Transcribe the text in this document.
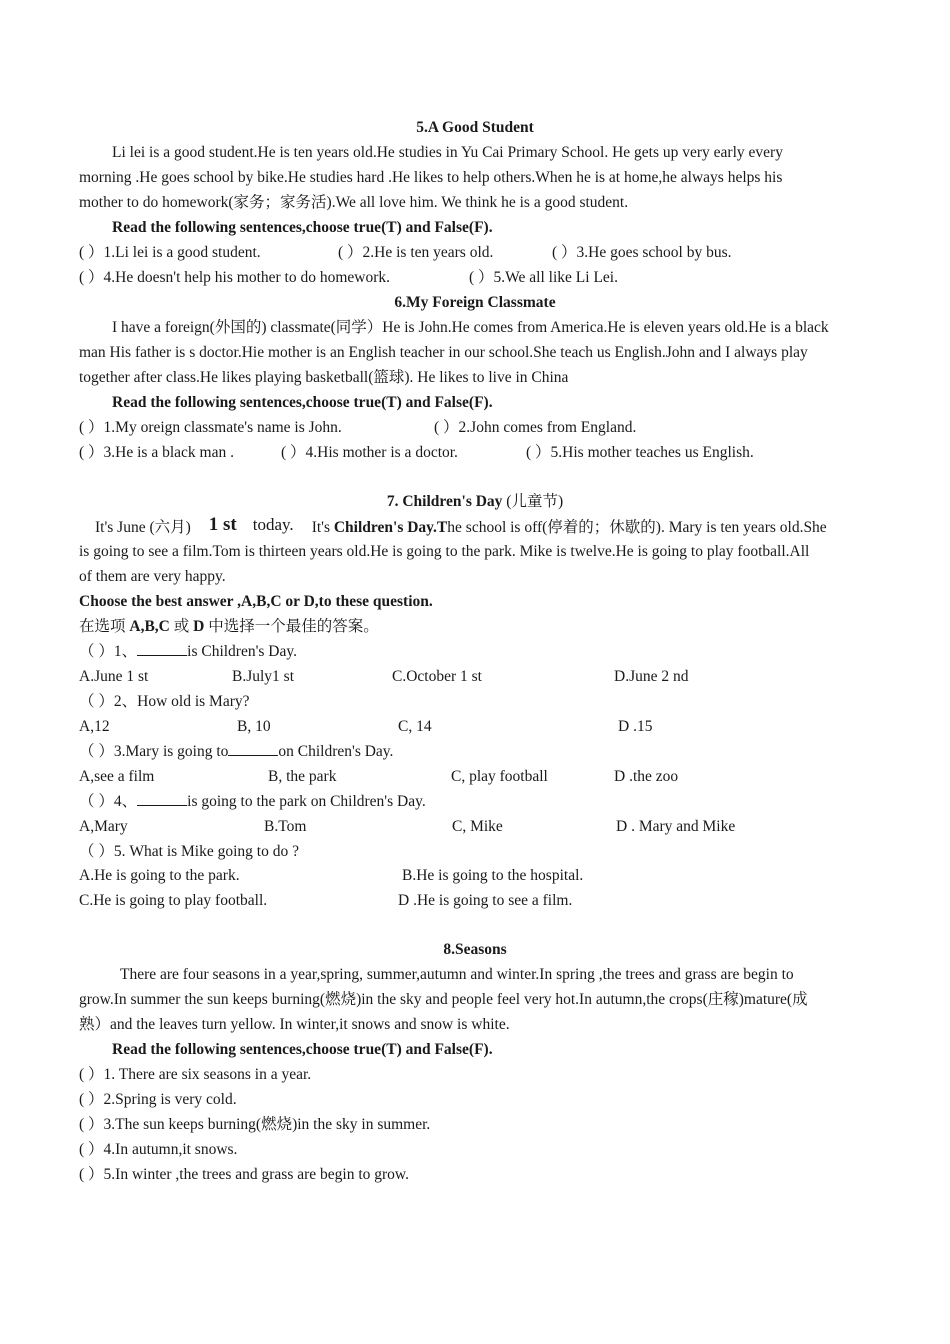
5.A Good Student
Li lei is a good student.He is ten years old.He studies in Yu Cai Primary School. He gets up very early every
morning .He goes school by bike.He studies hard .He likes to help others.When he is at home,he always helps his
mother to do homework(家务；家务活).We all love him. We think he is a good student.
Read the following sentences,choose true(T) and False(F).
( ）1.Li lei is a good student.	( ）2.He is ten years old.	( ）3.He goes school by bus.
( ）4.He doesn't help his mother to do homework.	( ）5.We all like Li Lei.
6.My Foreign Classmate
I have a foreign(外国的) classmate(同学）He is John.He comes from America.He is eleven years old.He is a black
man His father is s doctor.Hie mother is an English teacher in our school.She teach us English.John and I always play
together after class.He likes playing basketball(篮球). He likes to live in China
Read the following sentences,choose true(T) and False(F).
( ）1.My oreign classmate's name is John.	( ）2.John comes from England.
( ）3.He is a black man .	( ）4.His mother is a doctor.	( ）5.His mother teaches us English.
7. Children's Day (儿童节)
It's June (六月) 1 st today. It's Children's Day.The school is off(停着的；休歇的). Mary is ten years old.She
is going to see a film.Tom is thirteen years old.He is going to the park. Mike is twelve.He is going to play football.All
of them are very happy.
Choose the best answer ,A,B,C or D,to these question.
在选项 A,B,C 或 D 中选择一个最佳的答案。
（ ）1、	is Children's Day.
A.June 1 st	B.July1 st	C.October 1 st	D.June 2 nd
（ ）2、How old is Mary?
A,12	B, 10	C, 14	D .15
（ ）3.Mary is going to	on Children's Day.
A,see a film	B, the park	C, play football	D .the zoo
（ ）4、	is going to the park on Children's Day.
A,Mary	B.Tom	C, Mike	D . Mary and Mike
（ ）5. What is Mike going to do ?
A.He is going to the park.	B.He is going to the hospital.
C.He is going to play football.	D .He is going to see a film.
8.Seasons
There are four seasons in a year,spring, summer,autumn and winter.In spring ,the trees and grass are begin to
grow.In summer the sun keeps burning(燃烧)in the sky and people feel very hot.In autumn,the crops(庄稼)mature(成
熟）and the leaves turn yellow. In winter,it snows and snow is white.
Read the following sentences,choose true(T) and False(F).
( ）1. There are six seasons in a year.
( ）2.Spring is very cold.
( ）3.The sun keeps burning(燃烧)in the sky in summer.
( ）4.In autumn,it snows.
( ）5.In winter ,the trees and grass are begin to grow.
